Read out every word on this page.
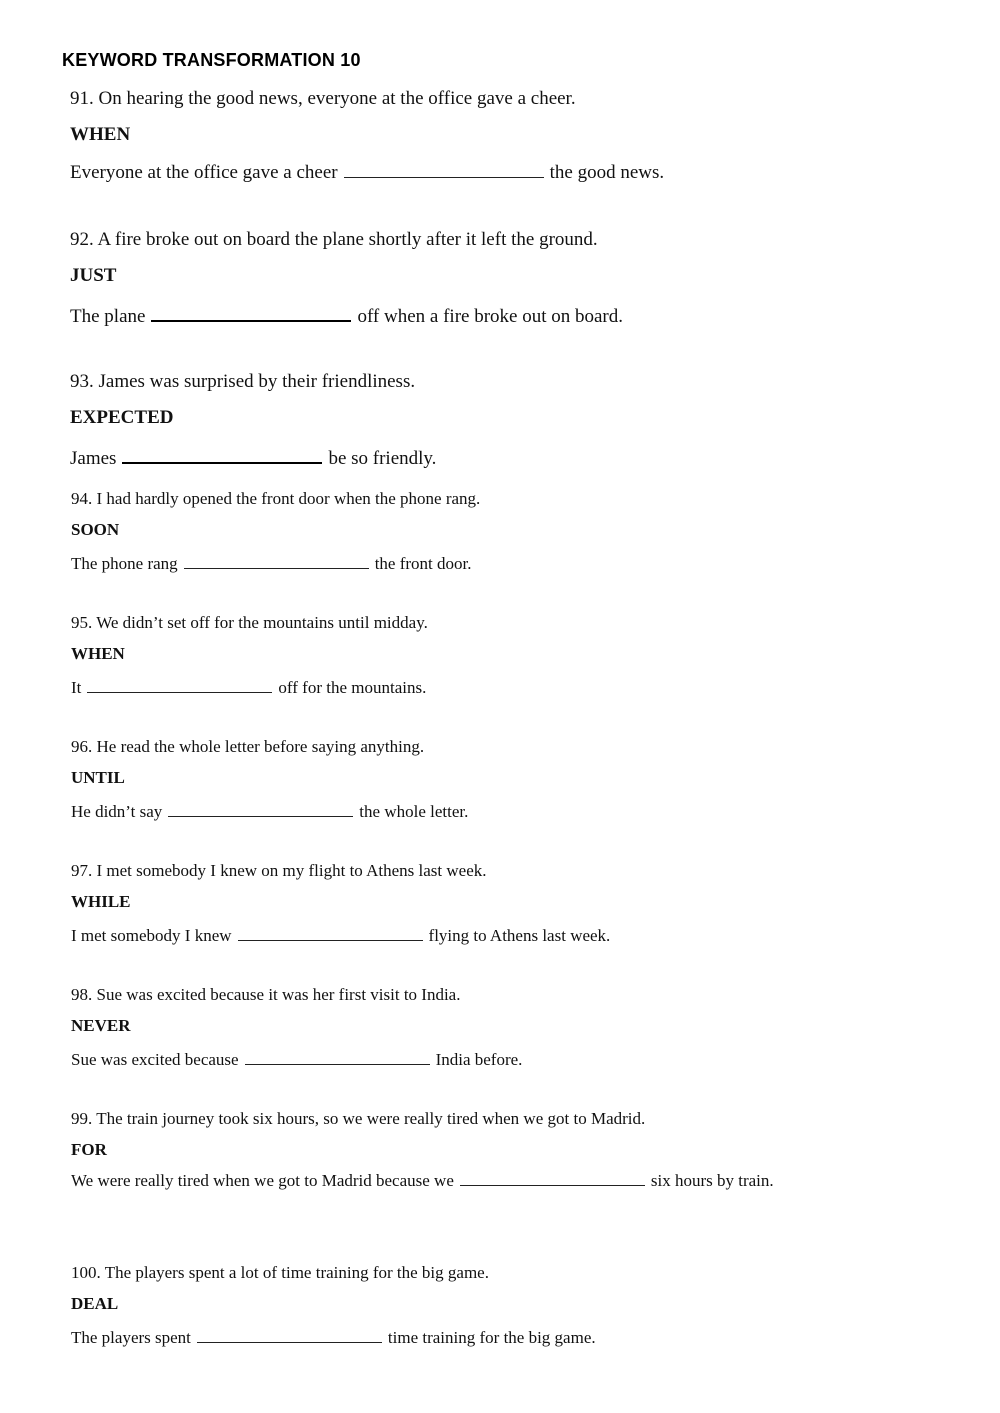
KEYWORD TRANSFORMATION 10
91. On hearing the good news, everyone at the office gave a cheer.
WHEN
Everyone at the office gave a cheer	the good news.
92. A fire broke out on board the plane shortly after it left the ground.
JUST
The plane	off when a fire broke out on board.
93. James was surprised by their friendliness.
EXPECTED
James	be so friendly.
94. I had hardly opened the front door when the phone rang.
SOON
The phone rang	the front door.
95. We didn’t set off for the mountains until midday.
WHEN
It	off for the mountains.
96. He read the whole letter before saying anything.
UNTIL
He didn’t say	the whole letter.
97. I met somebody I knew on my flight to Athens last week.
WHILE
I met somebody I knew	flying to Athens last week.
98. Sue was excited because it was her first visit to India.
NEVER
Sue was excited because	India before.
99. The train journey took six hours, so we were really tired when we got to Madrid.
FOR
We were really tired when we got to Madrid because we	six hours by train.
100. The players spent a lot of time training for the big game.
DEAL
The players spent	time training for the big game.
